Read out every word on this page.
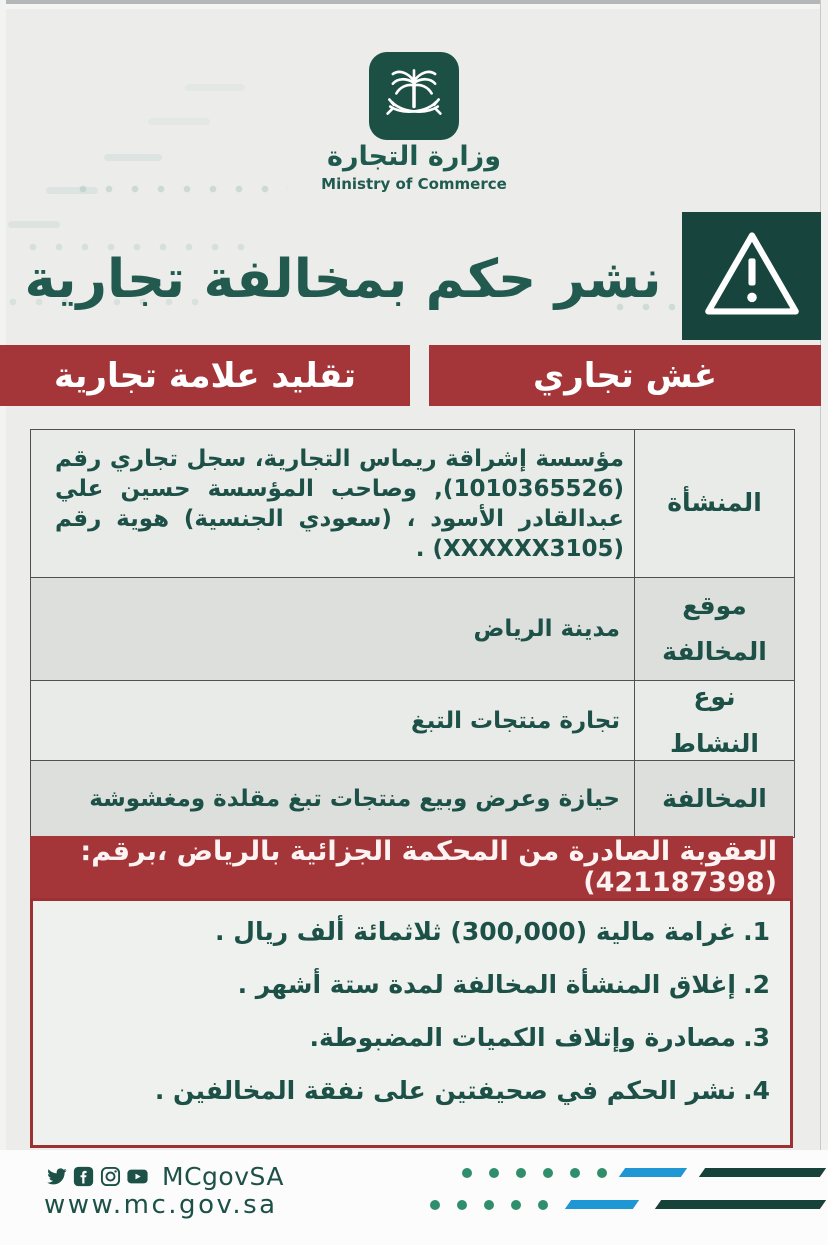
وزارة التجارة
Ministry of Commerce
نشر حكم بمخالفة تجارية
غش تجاري
تقليد علامة تجارية
المنشأة
مؤسسة إشراقة ريماس التجارية، سجل تجاري رقم (1010365526), وصاحب المؤسسة حسين علي عبدالقادر الأسود ، (سعودي الجنسية) هوية رقم (XXXXXX3105) .
موقع المخالفة
مدينة الرياض
نوع النشاط
تجارة منتجات التبغ
المخالفة
حيازة وعرض وبيع منتجات تبغ مقلدة ومغشوشة
العقوبة الصادرة من المحكمة الجزائية بالرياض ،برقم: (421187398)
1.
غرامة مالية (300,000) ثلاثمائة ألف ريال .
2.
إغلاق المنشأة المخالفة لمدة ستة أشهر .
3.
مصادرة وإتلاف الكميات المضبوطة.
4.
نشر الحكم في صحيفتين على نفقة المخالفين .
MCgovSA
www.mc.gov.sa
